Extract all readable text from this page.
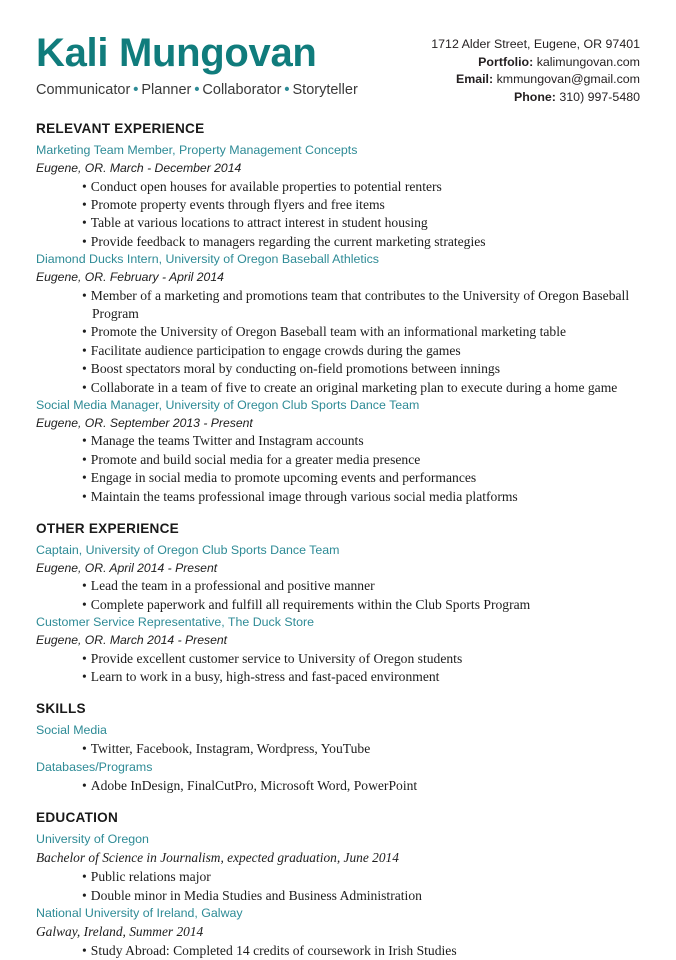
Kali Mungovan
Communicator • Planner • Collaborator • Storyteller
1712 Alder Street, Eugene, OR 97401
Portfolio: kalimungovan.com
Email: kmmungovan@gmail.com
Phone: 310) 997-5480
RELEVANT EXPERIENCE
Marketing Team Member, Property Management Concepts
Eugene, OR. March - December 2014
• Conduct open houses for available properties to potential renters
• Promote property events through flyers and free items
• Table at various locations to attract interest in student housing
• Provide feedback to managers regarding the current marketing strategies
Diamond Ducks Intern, University of Oregon Baseball Athletics
Eugene, OR. February - April 2014
• Member of a marketing and promotions team that contributes to the University of Oregon Baseball Program
• Promote the University of Oregon Baseball team with an informational marketing table
• Facilitate audience participation to engage crowds during the games
• Boost spectators moral by conducting on-field promotions between innings
• Collaborate in a team of five to create an original marketing plan to execute during a home game
Social Media Manager, University of Oregon Club Sports Dance Team
Eugene, OR. September 2013 - Present
• Manage the teams Twitter and Instagram accounts
• Promote and build social media for a greater media presence
• Engage in social media to promote upcoming events and performances
• Maintain the teams professional image through various social media platforms
OTHER EXPERIENCE
Captain, University of Oregon Club Sports Dance Team
Eugene, OR. April 2014 - Present
• Lead the team in a professional and positive manner
• Complete paperwork and fulfill all requirements within the Club Sports Program
Customer Service Representative, The Duck Store
Eugene, OR. March 2014 - Present
• Provide excellent customer service to University of Oregon students
• Learn to work in a busy, high-stress and fast-paced environment
SKILLS
Social Media
• Twitter, Facebook, Instagram, Wordpress, YouTube
Databases/Programs
• Adobe InDesign, FinalCutPro, Microsoft Word, PowerPoint
EDUCATION
University of Oregon
Bachelor of Science in Journalism, expected graduation, June 2014
• Public relations major
• Double minor in Media Studies and Business Administration
National University of Ireland, Galway
Galway, Ireland, Summer 2014
• Study Abroad: Completed 14 credits of coursework in Irish Studies
